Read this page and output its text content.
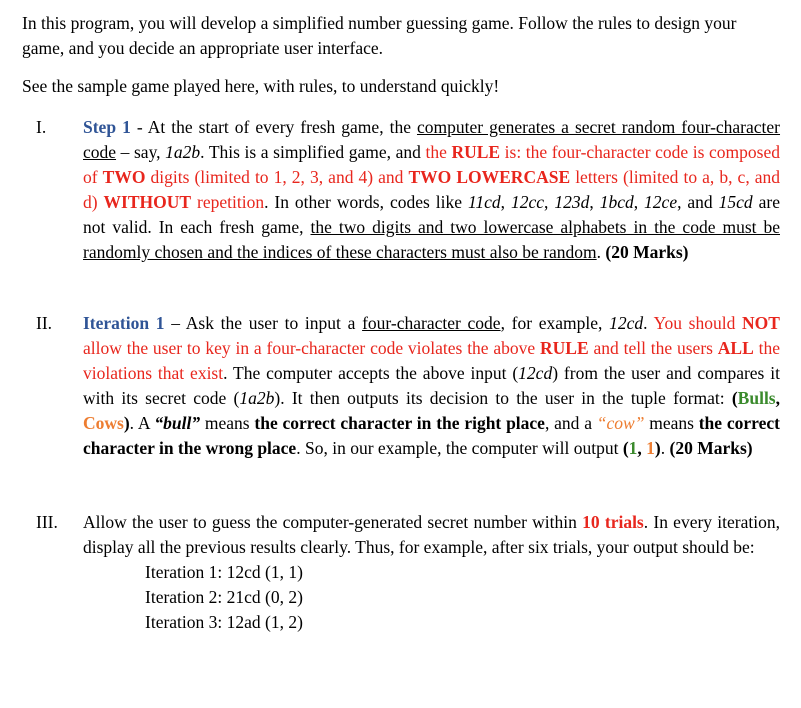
In this program, you will develop a simplified number guessing game. Follow the rules to design your game, and you decide an appropriate user interface.

See the sample game played here, with rules, to understand quickly!

I.	Step 1 - At the start of every fresh game, the computer generates a secret random four-character code – say, 1a2b. This is a simplified game, and the RULE is: the four-character code is composed of TWO digits (limited to 1, 2, 3, and 4) and TWO LOWERCASE letters (limited to a, b, c, and d) WITHOUT repetition. In other words, codes like 11cd, 12cc, 123d, 1bcd, 12ce, and 15cd are not valid. In each fresh game, the two digits and two lowercase alphabets in the code must be randomly chosen and the indices of these characters must also be random. (20 Marks)

II.	Iteration 1 – Ask the user to input a four-character code, for example, 12cd. You should NOT allow the user to key in a four-character code violates the above RULE and tell the users ALL the violations that exist. The computer accepts the above input (12cd) from the user and compares it with its secret code (1a2b). It then outputs its decision to the user in the tuple format: (Bulls, Cows). A “bull” means the correct character in the right place, and a “cow” means the correct character in the wrong place. So, in our example, the computer will output (1, 1). (20 Marks)

III.	Allow the user to guess the computer-generated secret number within 10 trials. In every iteration, display all the previous results clearly. Thus, for example, after six trials, your output should be:

Iteration 1: 12cd (1, 1)
Iteration 2: 21cd (0, 2)
Iteration 3: 12ad (1, 2)
